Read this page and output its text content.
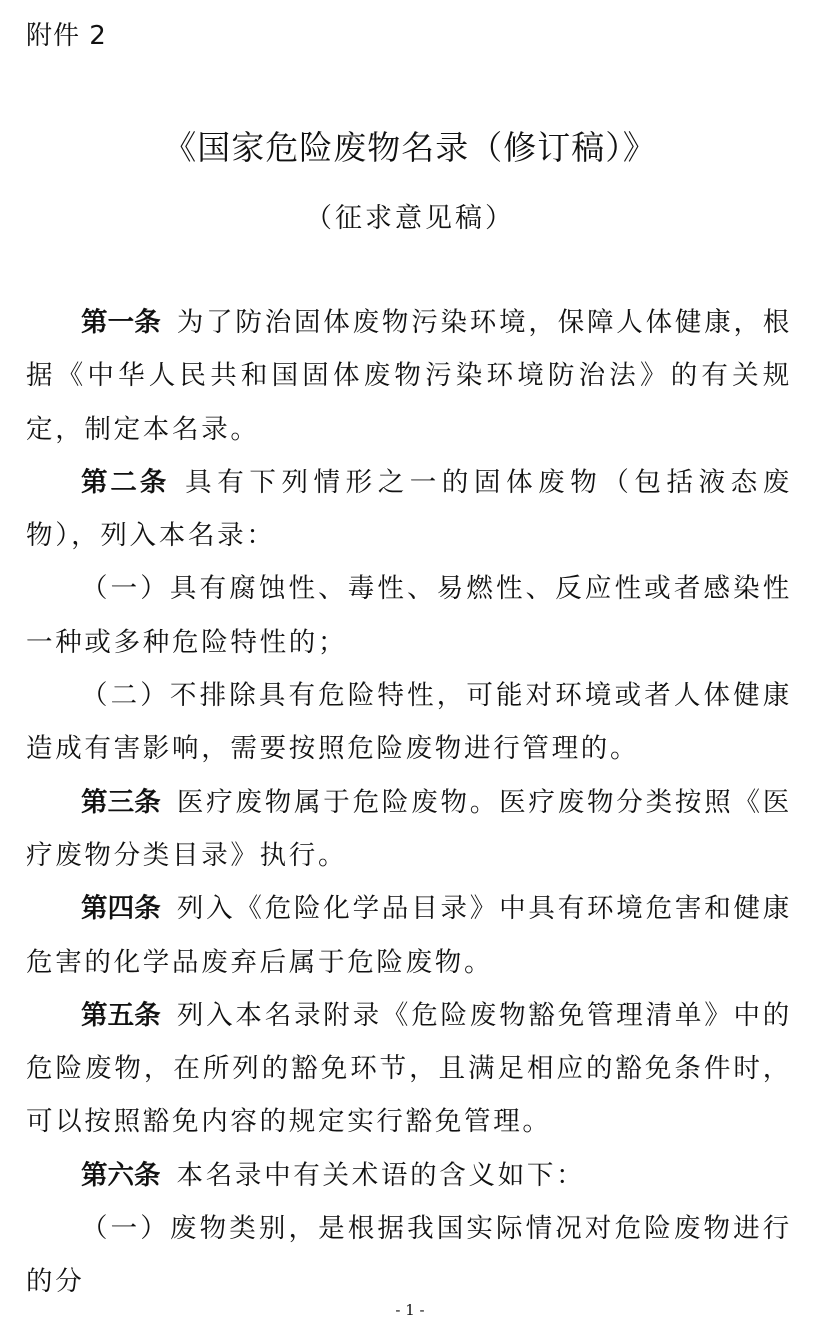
附件 2
《国家危险废物名录（修订稿）》
（征求意见稿）

第一条 为了防治固体废物污染环境，保障人体健康，根据《中华人民共和国固体废物污染环境防治法》的有关规定，制定本名录。

第二条 具有下列情形之一的固体废物（包括液态废物），列入本名录：

（一）具有腐蚀性、毒性、易燃性、反应性或者感染性一种或多种危险特性的；

（二）不排除具有危险特性，可能对环境或者人体健康造成有害影响，需要按照危险废物进行管理的。

第三条 医疗废物属于危险废物。医疗废物分类按照《医疗废物分类目录》执行。

第四条 列入《危险化学品目录》中具有环境危害和健康危害的化学品废弃后属于危险废物。

第五条 列入本名录附录《危险废物豁免管理清单》中的危险废物，在所列的豁免环节，且满足相应的豁免条件时，可以按照豁免内容的规定实行豁免管理。

第六条 本名录中有关术语的含义如下：

（一）废物类别，是根据我国实际情况对危险废物进行的分

- 1 -
